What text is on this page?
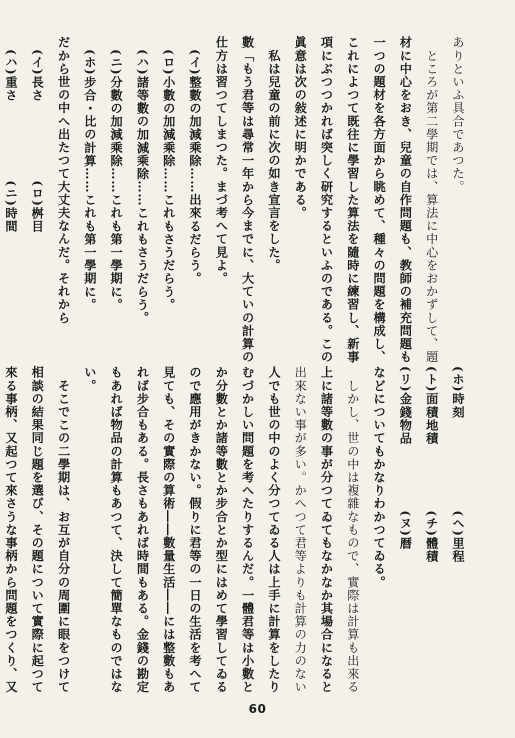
ありといふ具合であつた。
　ところが第二學期では、算法に中心をおかずして、題
材に中心をおき、兒童の自作問題も、教師の補充問題も
一つの題材を各方面から眺めて、種々の問題を構成し、
これによつて既往に學習した算法を隨時に練習し、新事
項にぶつつかれば突しく研究するといふのである。この
眞意は次の敍述に明かである。
　私は兒童の前に次の如き宣言をした。
數「もう君等は尋常一年から今までに、大ていの計算の
仕方は習つてしまつた。まづ考へて見よ。
　(イ)整數の加減乘除……出來るだらう。
　(ロ)小數の加減乘除……これもさうだらう。
　(ハ)諸等數の加減乘除……これもさうだらう。
　(ニ)分數の加減乘除……これも第一學期に。
　(ホ)步合・比の計算……これも第一學期に。
だから世の中へ出たつて大丈夫なんだ。それから
　(イ)長さ　　　　　　(ロ)桝目
　(ハ)重さ　　　　　　(ニ)時間
(ホ)時刻　　　　　　　(ヘ)里程
(ト)面積地積　　　　　(チ)體積
(リ)金錢物品　　　　　(ヌ)暦
などについてもかなりわかつてゐる。
　しかし、世の中は複雜なもので、實際は計算も出來る
上に諸等數の事が分つてゐてもなかなか其場合になると
出來ない事が多い。かへつて君等よりも計算の力のない
人でも世の中のよく分つてゐる人は上手に計算をしたり
むづかしい問題を考へたりするんだ。一體君等は小數と
か分數とか諸等數とか步合とか型にはめて學習してゐる
ので應用がきかない。假りに君等の一日の生活を考へて
見ても、その實際の算術――數量生活――には整數もあ
れば步合もある。長さもあれば時間もある。金錢の勘定
もあれば物品の計算もあつて、決して簡單なものではな
い。
　そこでこの二學期は、お互が自分の周圍に眼をつけて
相談の結果同じ題を選び、その題について實際に起つて
來る事柄、又起つて來さうな事柄から問題をつくり、又
60
